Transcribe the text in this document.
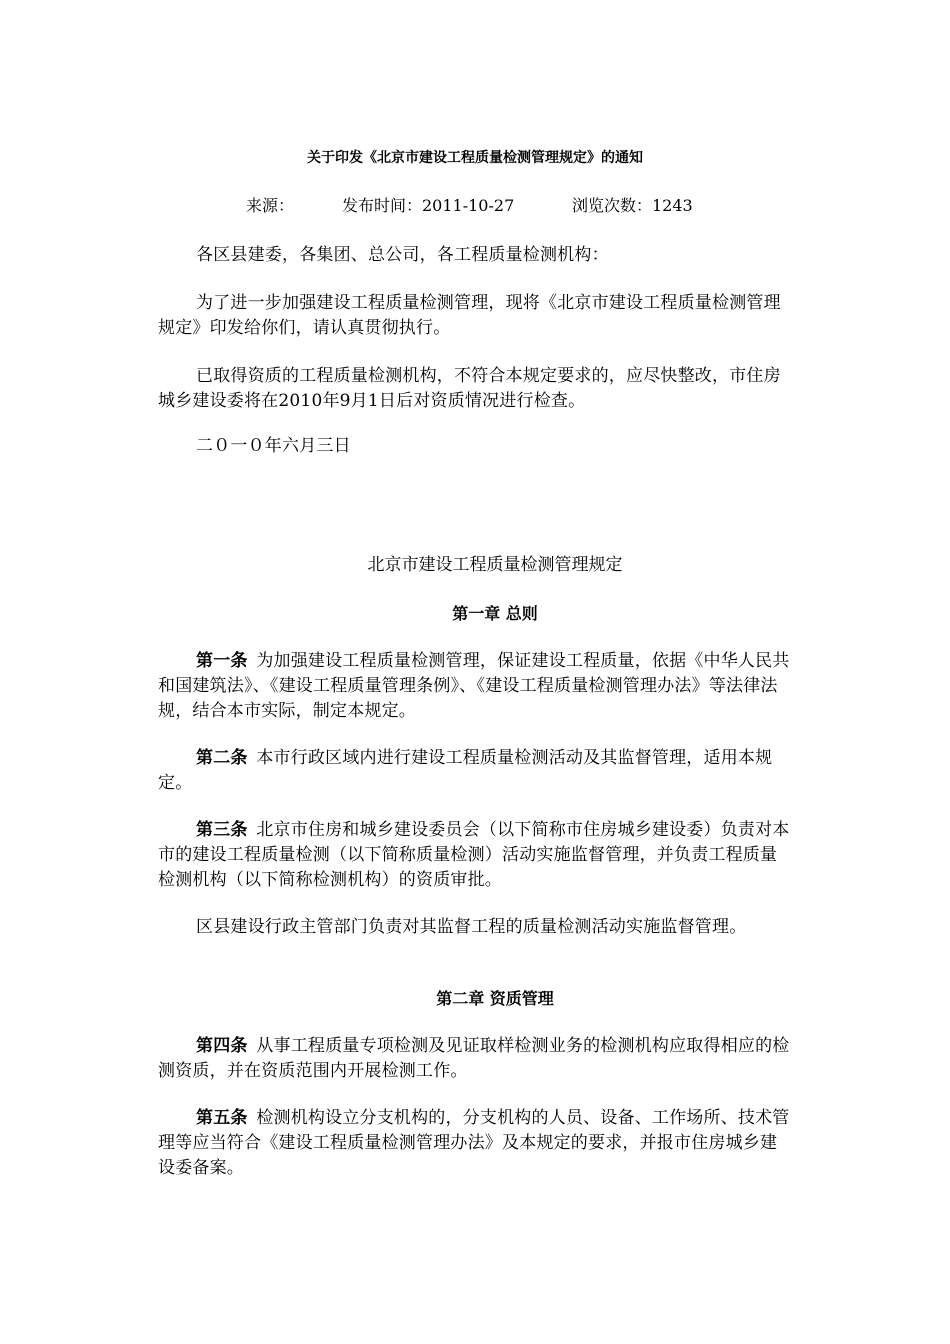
关于印发《北京市建设工程质量检测管理规定》的通知
来源：	发布时间：2011-10-27	浏览次数：1243

各区县建委，各集团、总公司，各工程质量检测机构：

为了进一步加强建设工程质量检测管理，现将《北京市建设工程质量检测管理规定》印发给你们，请认真贯彻执行。

已取得资质的工程质量检测机构，不符合本规定要求的，应尽快整改，市住房城乡建设委将在2010年9月1日后对资质情况进行检查。

二０一０年六月三日

北京市建设工程质量检测管理规定
第一章 总则

第一条  为加强建设工程质量检测管理，保证建设工程质量，依据《中华人民共和国建筑法》、《建设工程质量管理条例》、《建设工程质量检测管理办法》等法律法规，结合本市实际，制定本规定。

第二条  本市行政区域内进行建设工程质量检测活动及其监督管理，适用本规定。

第三条  北京市住房和城乡建设委员会（以下简称市住房城乡建设委）负责对本市的建设工程质量检测（以下简称质量检测）活动实施监督管理，并负责工程质量检测机构（以下简称检测机构）的资质审批。

区县建设行政主管部门负责对其监督工程的质量检测活动实施监督管理。

第二章 资质管理

第四条  从事工程质量专项检测及见证取样检测业务的检测机构应取得相应的检测资质，并在资质范围内开展检测工作。

第五条  检测机构设立分支机构的，分支机构的人员、设备、工作场所、技术管理等应当符合《建设工程质量检测管理办法》及本规定的要求，并报市住房城乡建设委备案。
